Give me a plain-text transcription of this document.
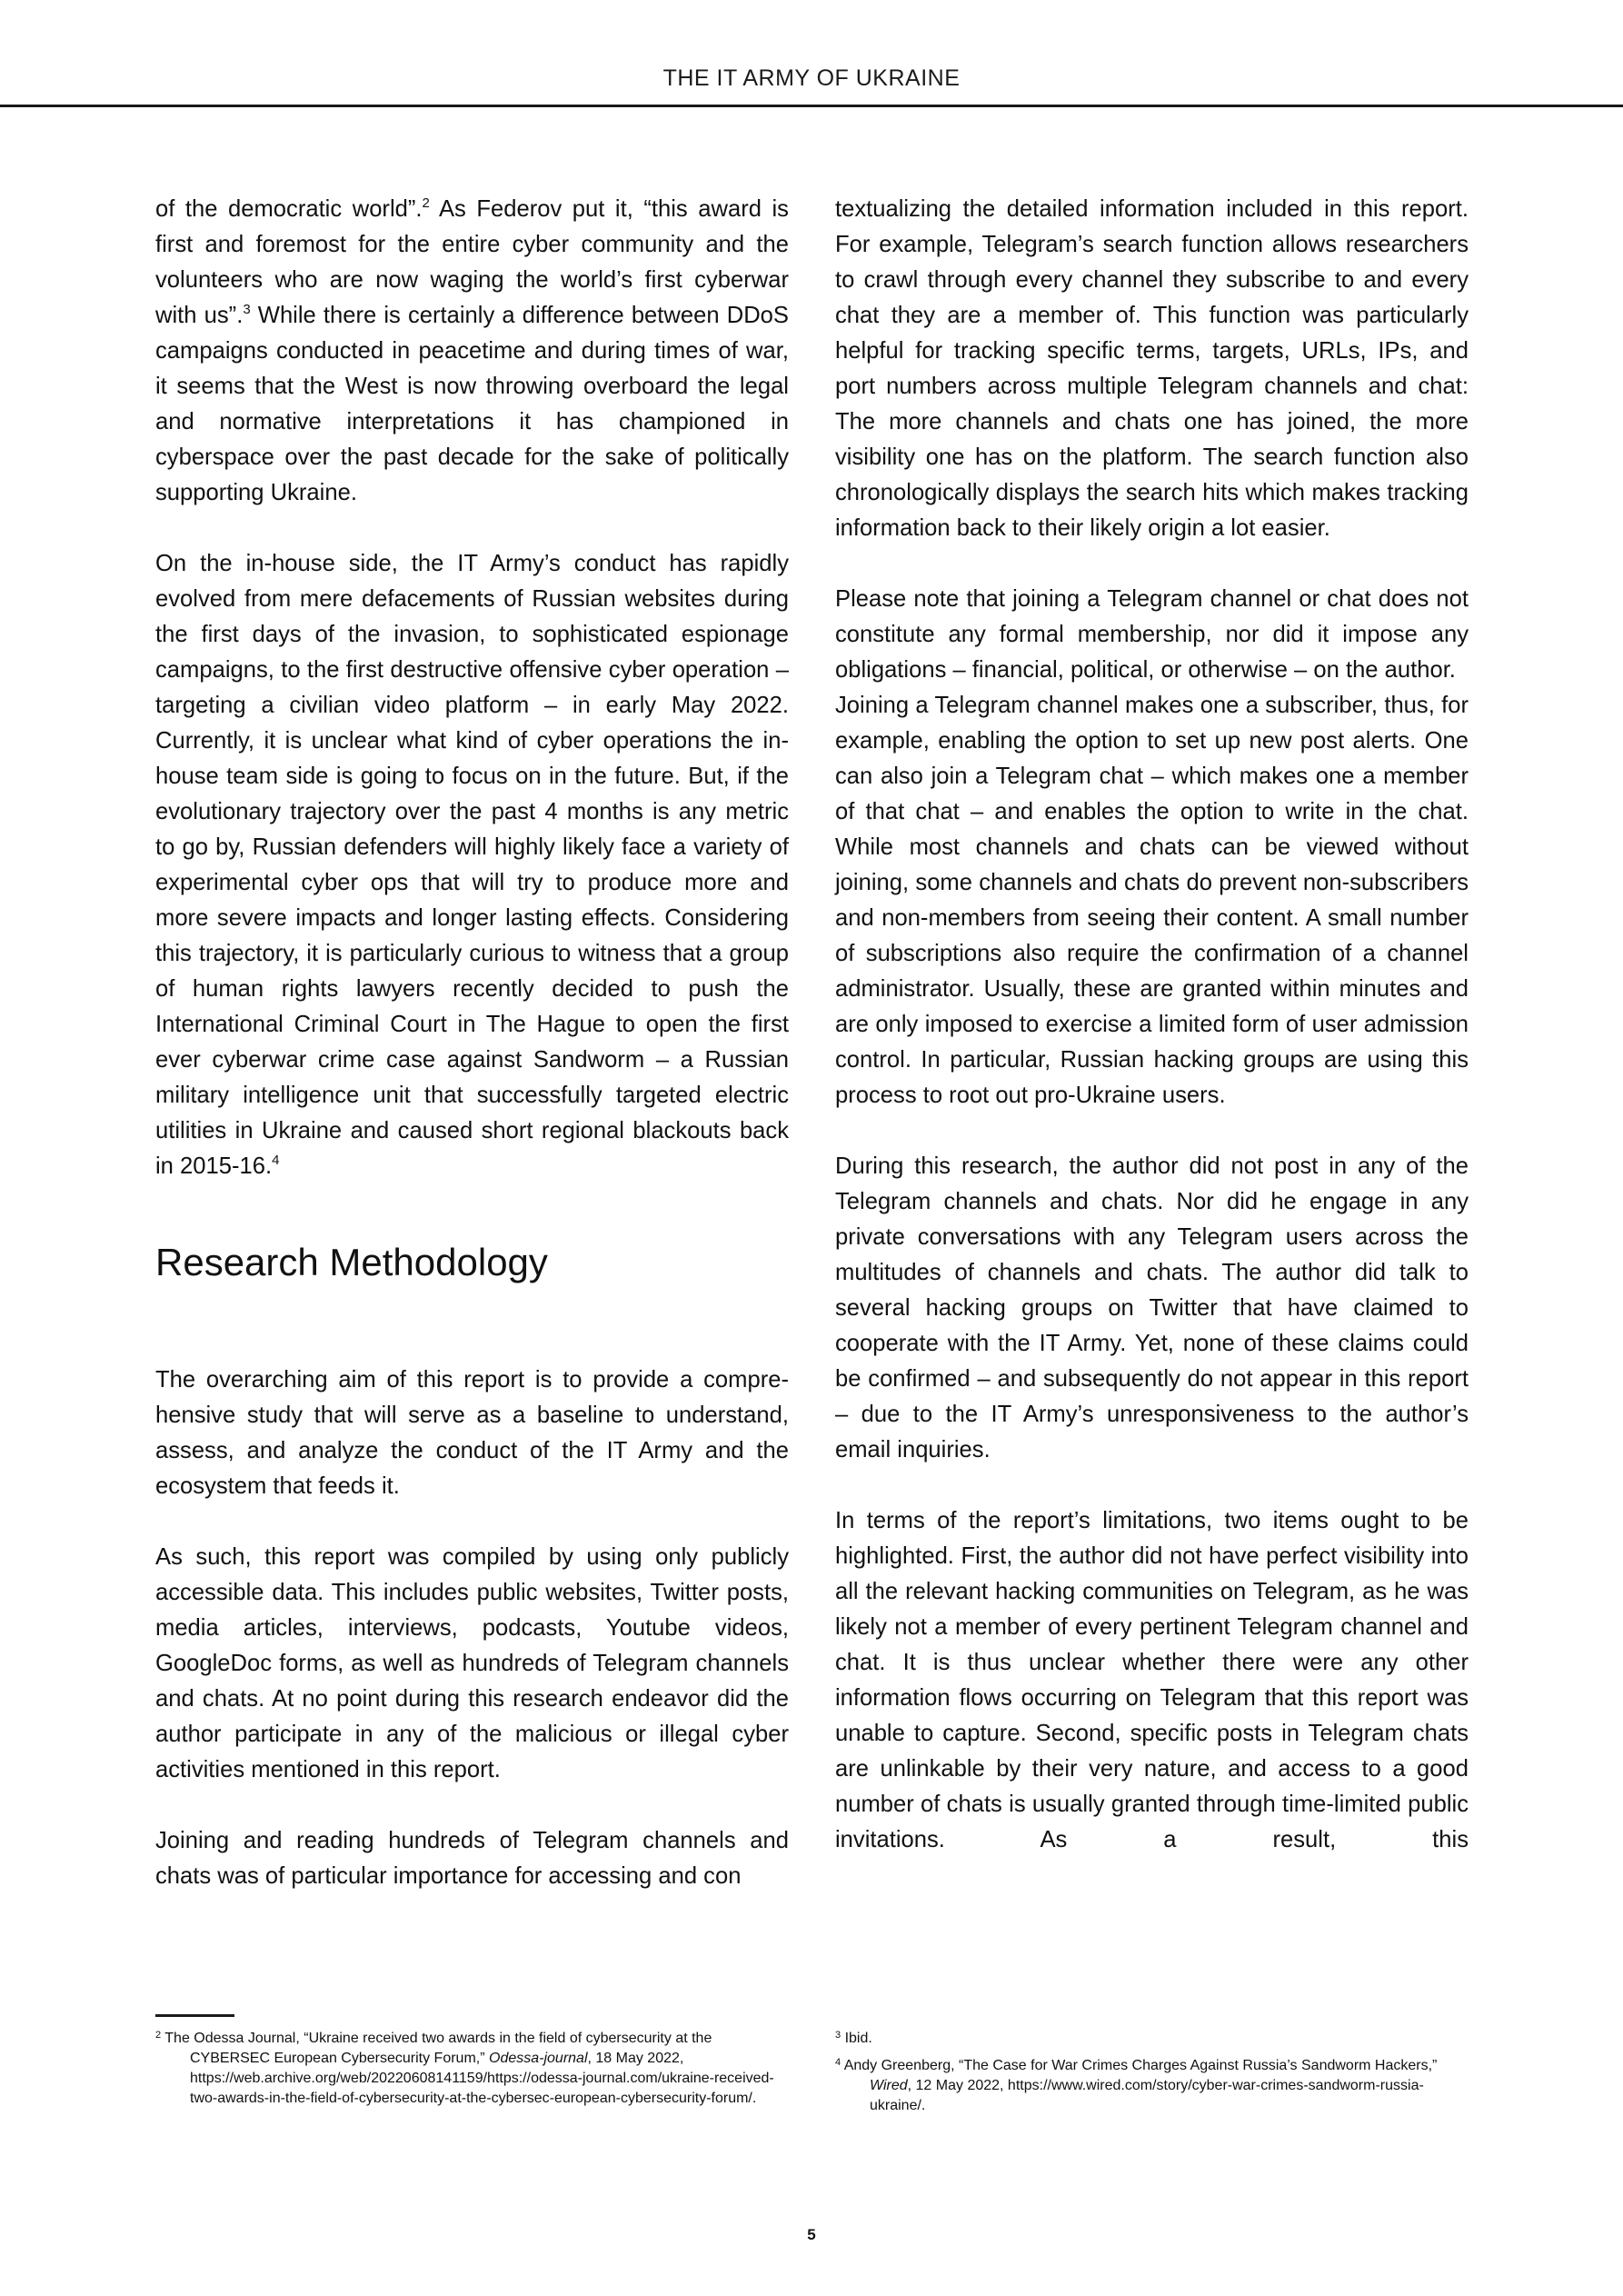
THE IT ARMY OF UKRAINE

of the democratic world”.$^2$ As Federov put it, “this award is first and foremost for the entire cyber community and the volunteers who are now waging the world’s first cyberwar with us”.$^3$ While there is certainly a difference between DDoS campaigns conducted in peacetime and during times of war, it seems that the West is now throwing overboard the legal and normative interpretations it has championed in cyberspace over the past decade for the sake of politically supporting Ukraine.

On the in-house side, the IT Army’s conduct has rapidly evolved from mere defacements of Russian websites during the first days of the invasion, to sophisticated espionage campaigns, to the first destructive offensive cyber operation – targeting a civilian video platform – in early May 2022. Currently, it is unclear what kind of cyber operations the in-house team side is going to focus on in the future. But, if the evolutionary trajectory over the past 4 months is any metric to go by, Russian defenders will highly likely face a variety of experimental cyber ops that will try to produce more and more severe impacts and longer lasting effects. Considering this trajectory, it is particularly curious to witness that a group of human rights lawyers recently decided to push the International Criminal Court in The Hague to open the first ever cyberwar crime case against Sandworm – a Russian military intelligence unit that successfully targeted electric utilities in Ukraine and caused short regional blackouts back in 2015-16.$^4$

Research Methodology

The overarching aim of this report is to provide a comprehensive study that will serve as a baseline to understand, assess, and analyze the conduct of the IT Army and the ecosystem that feeds it.

As such, this report was compiled by using only publicly accessible data. This includes public websites, Twitter posts, media articles, interviews, podcasts, Youtube videos, GoogleDoc forms, as well as hundreds of Telegram channels and chats. At no point during this research endeavor did the author participate in any of the malicious or illegal cyber activities mentioned in this report.

Joining and reading hundreds of Telegram channels and chats was of particular importance for accessing and con

textualizing the detailed information included in this report. For example, Telegram’s search function allows researchers to crawl through every channel they subscribe to and every chat they are a member of. This function was particularly helpful for tracking specific terms, targets, URLs, IPs, and port numbers across multiple Telegram channels and chat: The more channels and chats one has joined, the more visibility one has on the platform. The search function also chronologically displays the search hits which makes tracking information back to their likely origin a lot easier.

Please note that joining a Telegram channel or chat does not constitute any formal membership, nor did it impose any obligations – financial, political, or otherwise – on the author.

Joining a Telegram channel makes one a subscriber, thus, for example, enabling the option to set up new post alerts. One can also join a Telegram chat – which makes one a member of that chat – and enables the option to write in the chat. While most channels and chats can be viewed without joining, some channels and chats do prevent non-subscribers and non-members from seeing their content. A small number of subscriptions also require the confirmation of a channel administrator. Usually, these are granted within minutes and are only imposed to exercise a limited form of user admission control. In particular, Russian hacking groups are using this process to root out pro-Ukraine users.

During this research, the author did not post in any of the Telegram channels and chats. Nor did he engage in any private conversations with any Telegram users across the multitudes of channels and chats. The author did talk to several hacking groups on Twitter that have claimed to cooperate with the IT Army. Yet, none of these claims could be confirmed – and subsequently do not appear in this report – due to the IT Army’s unresponsiveness to the author’s email inquiries.

In terms of the report’s limitations, two items ought to be highlighted. First, the author did not have perfect visibility into all the relevant hacking communities on Telegram, as he was likely not a member of every pertinent Telegram channel and chat. It is thus unclear whether there were any other information flows occurring on Telegram that this report was unable to capture. Second, specific posts in Telegram chats are unlinkable by their very nature, and access to a good number of chats is usually granted through time-limited public invitations. As a result, this

$^2$ The Odessa Journal, “Ukraine received two awards in the field of cybersecurity at the CYBERSEC European Cybersecurity Forum,” Odessa-journal, 18 May 2022, https://web.archive.org/web/20220608141159/https://odessa-journal.com/ukraine-received-two-awards-in-the-field-of-cybersecurity-at-the-cybersec-european-cybersecurity-forum/.

$^3$ Ibid.

$^4$ Andy Greenberg, “The Case for War Crimes Charges Against Russia’s Sandworm Hackers,” Wired, 12 May 2022, https://www.wired.com/story/cyber-war-crimes-sandworm-russia-ukraine/.

5
